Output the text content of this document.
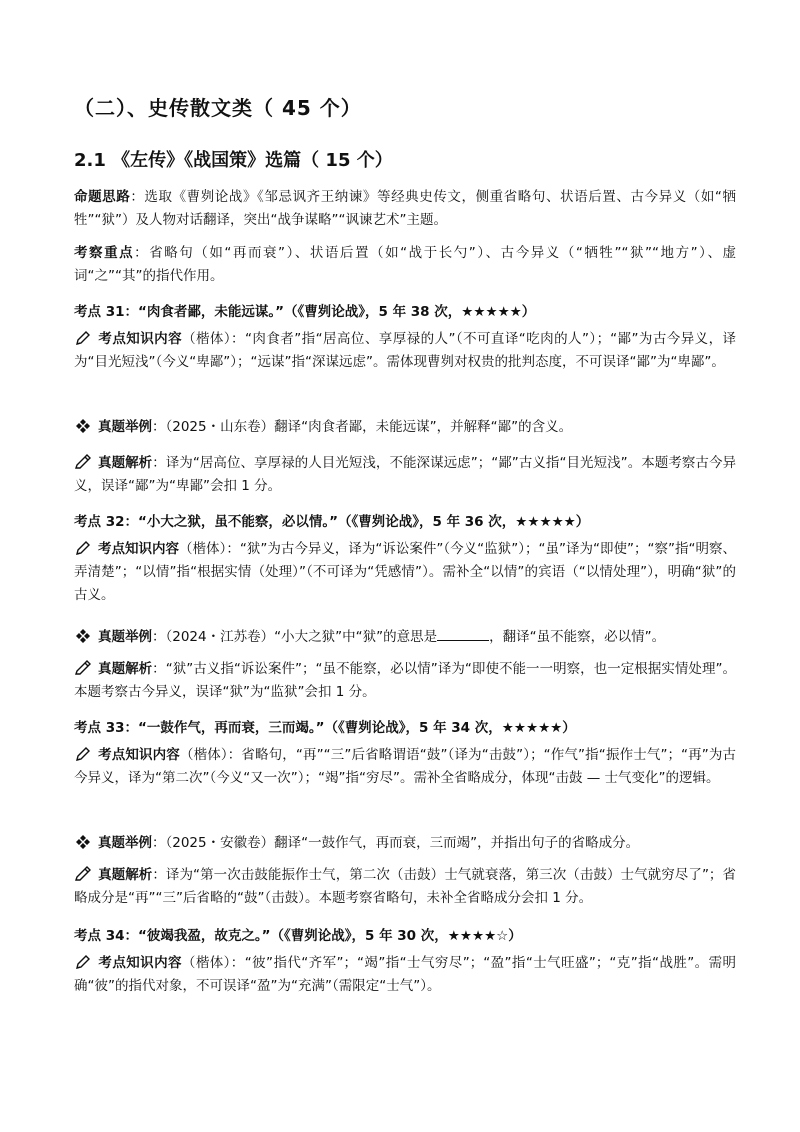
（二）、史传散文类（ 45 个）
2.1 《左传》《战国策》选篇（ 15 个）
命题思路：选取《曹刿论战》《邹忌讽齐王纳谏》等经典史传文，侧重省略句、状语后置、古今异义（如“牺牲”“狱”）及人物对话翻译，突出“战争谋略”“讽谏艺术”主题。
考察重点：省略句（如“再而衰”）、状语后置（如“战于长勺”）、古今异义（“牺牲”“狱”“地方”）、虚词“之”“其”的指代作用。
考点 31：“肉食者鄙，未能远谋。”（《曹刿论战》，5 年 38 次，★★★★★）
考点知识内容（楷体）：“肉食者”指“居高位、享厚禄的人”（不可直译“吃肉的人”）；“鄙”为古今异义，译为“目光短浅”（今义“卑鄙”）；“远谋”指“深谋远虑”。需体现曹刿对权贵的批判态度，不可误译“鄙”为“卑鄙”。
真题举例：（2025・山东卷）翻译“肉食者鄙，未能远谋”，并解释“鄙”的含义。
真题解析：译为“居高位、享厚禄的人目光短浅，不能深谋远虑”；“鄙”古义指“目光短浅”。本题考察古今异义，误译“鄙”为“卑鄙”会扣 1 分。
考点 32：“小大之狱，虽不能察，必以情。”（《曹刿论战》，5 年 36 次，★★★★★）
考点知识内容（楷体）：“狱”为古今异义，译为“诉讼案件”（今义“监狱”）；“虽”译为“即使”；“察”指“明察、弄清楚”；“以情”指“根据实情（处理）”（不可译为“凭感情”）。需补全“以情”的宾语（“以情处理”），明确“狱”的古义。
真题举例：（2024・江苏卷）“小大之狱”中“狱”的意思是	，翻译“虽不能察，必以情”。
真题解析：“狱”古义指“诉讼案件”；“虽不能察，必以情”译为“即使不能一一明察，也一定根据实情处理”。本题考察古今异义，误译“狱”为“监狱”会扣 1 分。
考点 33：“一鼓作气，再而衰，三而竭。”（《曹刿论战》，5 年 34 次，★★★★★）
考点知识内容（楷体）：省略句，“再”“三”后省略谓语“鼓”（译为“击鼓”）；“作气”指“振作士气”；“再”为古今异义，译为“第二次”（今义“又一次”）；“竭”指“穷尽”。需补全省略成分，体现“击鼓 — 士气变化”的逻辑。
真题举例：（2025・安徽卷）翻译“一鼓作气，再而衰，三而竭”，并指出句子的省略成分。
真题解析：译为“第一次击鼓能振作士气，第二次（击鼓）士气就衰落，第三次（击鼓）士气就穷尽了”；省略成分是“再”“三”后省略的“鼓”（击鼓）。本题考察省略句，未补全省略成分会扣 1 分。
考点 34：“彼竭我盈，故克之。”（《曹刿论战》，5 年 30 次，★★★★☆）
考点知识内容（楷体）：“彼”指代“齐军”；“竭”指“士气穷尽”；“盈”指“士气旺盛”；“克”指“战胜”。需明确“彼”的指代对象，不可误译“盈”为“充满”（需限定“士气”）。
